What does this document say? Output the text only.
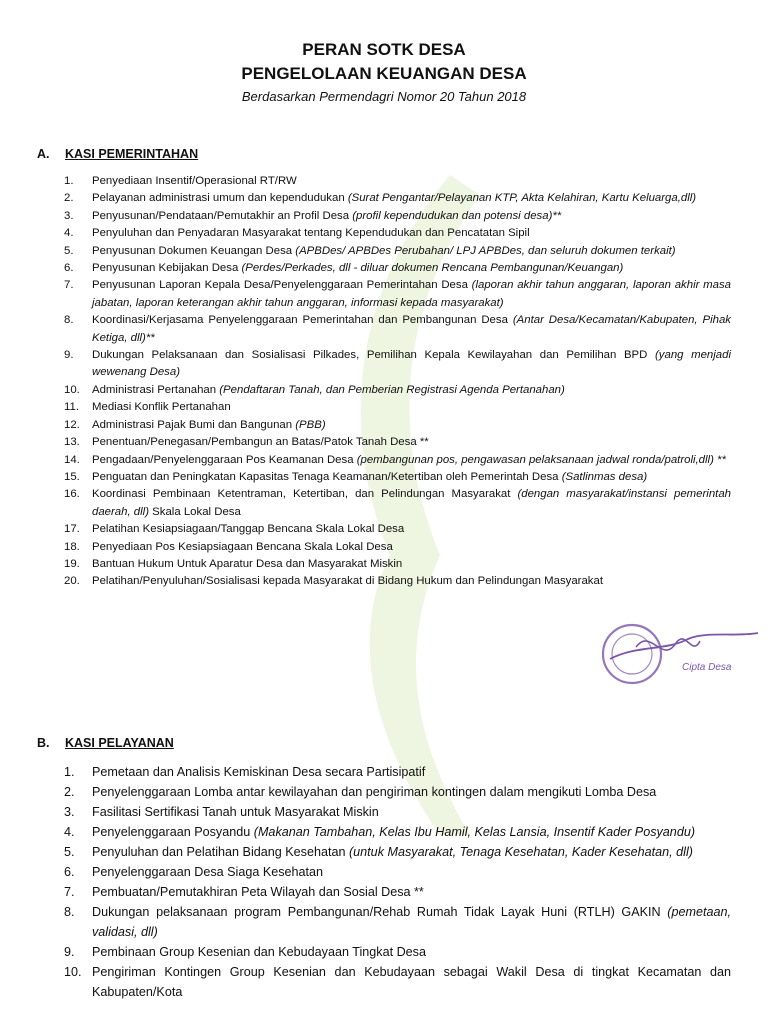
PERAN SOTK DESA
PENGELOLAAN KEUANGAN DESA
Berdasarkan Permendagri Nomor 20 Tahun 2018
A. KASI PEMERINTAHAN
1. Penyediaan Insentif/Operasional RT/RW
2. Pelayanan administrasi umum dan kependudukan (Surat Pengantar/Pelayanan KTP, Akta Kelahiran, Kartu Keluarga,dll)
3. Penyusunan/Pendataan/Pemutakhir an Profil Desa (profil kependudukan dan potensi desa)**
4. Penyuluhan dan Penyadaran Masyarakat tentang Kependudukan dan Pencatatan Sipil
5. Penyusunan Dokumen Keuangan Desa (APBDes/ APBDes Perubahan/ LPJ APBDes, dan seluruh dokumen terkait)
6. Penyusunan Kebijakan Desa (Perdes/Perkades, dll - diluar dokumen Rencana Pembangunan/Keuangan)
7. Penyusunan Laporan Kepala Desa/Penyelenggaraan Pemerintahan Desa (laporan akhir tahun anggaran, laporan akhir masa jabatan, laporan keterangan akhir tahun anggaran, informasi kepada masyarakat)
8. Koordinasi/Kerjasama Penyelenggaraan Pemerintahan dan Pembangunan Desa (Antar Desa/Kecamatan/Kabupaten, Pihak Ketiga, dll)**
9. Dukungan Pelaksanaan dan Sosialisasi Pilkades, Pemilihan Kepala Kewilayahan dan Pemilihan BPD (yang menjadi wewenang Desa)
10. Administrasi Pertanahan (Pendaftaran Tanah, dan Pemberian Registrasi Agenda Pertanahan)
11. Mediasi Konflik Pertanahan
12. Administrasi Pajak Bumi dan Bangunan (PBB)
13. Penentuan/Penegasan/Pembangun an Batas/Patok Tanah Desa **
14. Pengadaan/Penyelenggaraan Pos Keamanan Desa (pembangunan pos, pengawasan pelaksanaan jadwal ronda/patroli,dll) **
15. Penguatan dan Peningkatan Kapasitas Tenaga Keamanan/Ketertiban oleh Pemerintah Desa (Satlinmas desa)
16. Koordinasi Pembinaan Ketentraman, Ketertiban, dan Pelindungan Masyarakat (dengan masyarakat/instansi pemerintah daerah, dll) Skala Lokal Desa
17. Pelatihan Kesiapsiagaan/Tanggap Bencana Skala Lokal Desa
18. Penyediaan Pos Kesiapsiagaan Bencana Skala Lokal Desa
19. Bantuan Hukum Untuk Aparatur Desa dan Masyarakat Miskin
20. Pelatihan/Penyuluhan/Sosialisasi kepada Masyarakat di Bidang Hukum dan Pelindungan Masyarakat
Cipta Desa
B. KASI PELAYANAN
1. Pemetaan dan Analisis Kemiskinan Desa secara Partisipatif
2. Penyelenggaraan Lomba antar kewilayahan dan pengiriman kontingen dalam mengikuti Lomba Desa
3. Fasilitasi Sertifikasi Tanah untuk Masyarakat Miskin
4. Penyelenggaraan Posyandu (Makanan Tambahan, Kelas Ibu Hamil, Kelas Lansia, Insentif Kader Posyandu)
5. Penyuluhan dan Pelatihan Bidang Kesehatan (untuk Masyarakat, Tenaga Kesehatan, Kader Kesehatan, dll)
6. Penyelenggaraan Desa Siaga Kesehatan
7. Pembuatan/Pemutakhiran Peta Wilayah dan Sosial Desa **
8. Dukungan pelaksanaan program Pembangunan/Rehab Rumah Tidak Layak Huni (RTLH) GAKIN (pemetaan, validasi, dll)
9. Pembinaan Group Kesenian dan Kebudayaan Tingkat Desa
10. Pengiriman Kontingen Group Kesenian dan Kebudayaan sebagai Wakil Desa di tingkat Kecamatan dan Kabupaten/Kota
